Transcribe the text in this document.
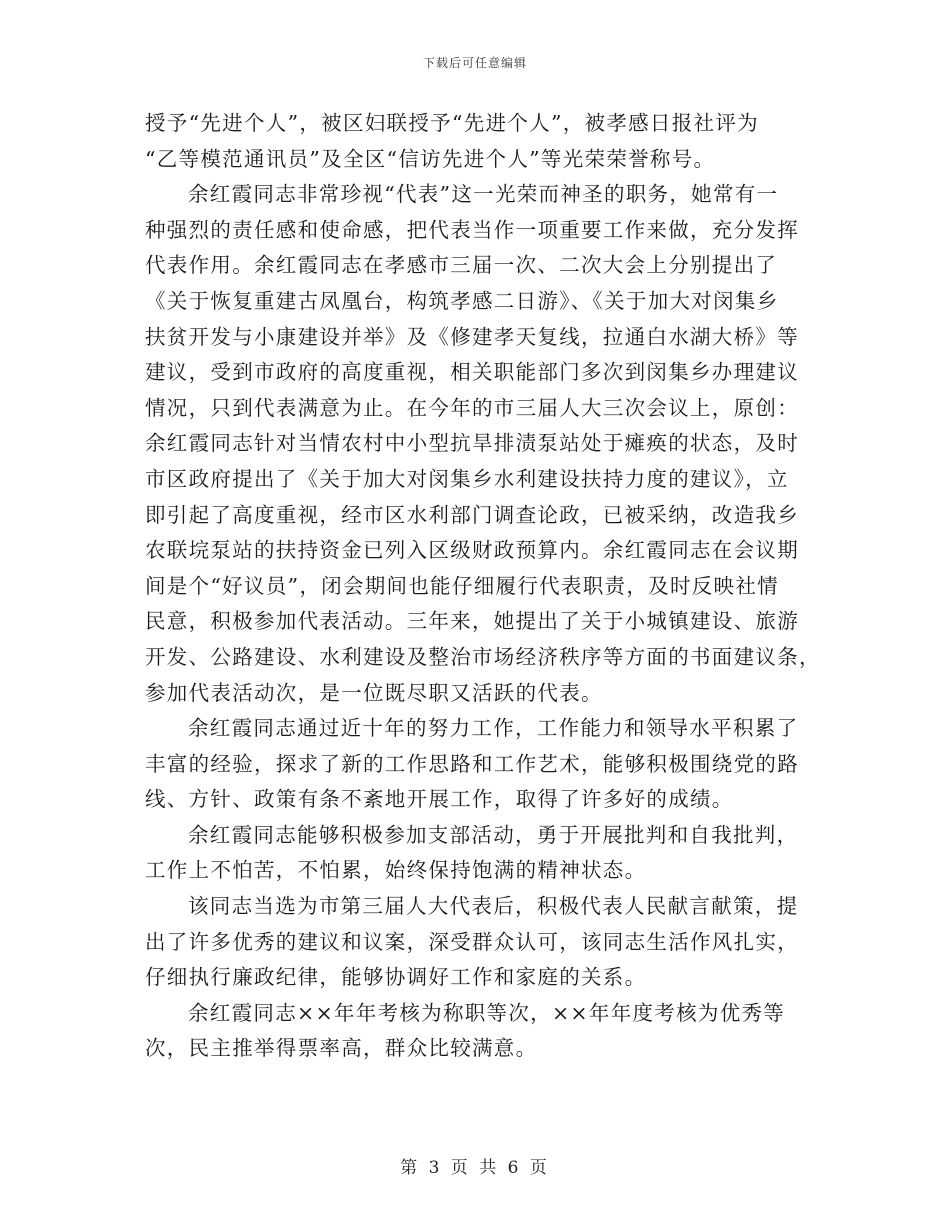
下载后可任意编辑
授予“先进个人”，被区妇联授予“先进个人”，被孝感日报社评为
“乙等模范通讯员”及全区“信访先进个人”等光荣荣誉称号。
余红霞同志非常珍视“代表”这一光荣而神圣的职务，她常有一
种强烈的责任感和使命感，把代表当作一项重要工作来做，充分发挥
代表作用。余红霞同志在孝感市三届一次、二次大会上分别提出了
《关于恢复重建古凤凰台，构筑孝感二日游》、《关于加大对闵集乡
扶贫开发与小康建设并举》及《修建孝天复线，拉通白水湖大桥》等
建议，受到市政府的高度重视，相关职能部门多次到闵集乡办理建议
情况，只到代表满意为止。在今年的市三届人大三次会议上，原创：
余红霞同志针对当情农村中小型抗旱排渍泵站处于瘫痪的状态，及时
市区政府提出了《关于加大对闵集乡水利建设扶持力度的建议》，立
即引起了高度重视，经市区水利部门调查论政，已被采纳，改造我乡
农联垸泵站的扶持资金已列入区级财政预算内。余红霞同志在会议期
间是个“好议员”，闭会期间也能仔细履行代表职责，及时反映社情
民意，积极参加代表活动。三年来，她提出了关于小城镇建设、旅游
开发、公路建设、水利建设及整治市场经济秩序等方面的书面建议条，
参加代表活动次，是一位既尽职又活跃的代表。
余红霞同志通过近十年的努力工作，工作能力和领导水平积累了
丰富的经验，探求了新的工作思路和工作艺术，能够积极围绕党的路
线、方针、政策有条不紊地开展工作，取得了许多好的成绩。
余红霞同志能够积极参加支部活动，勇于开展批判和自我批判，
工作上不怕苦，不怕累，始终保持饱满的精神状态。
该同志当选为市第三届人大代表后，积极代表人民献言献策，提
出了许多优秀的建议和议案，深受群众认可，该同志生活作风扎实，
仔细执行廉政纪律，能够协调好工作和家庭的关系。
余红霞同志××年年考核为称职等次，××年年度考核为优秀等
次，民主推举得票率高，群众比较满意。
第 3 页 共 6 页
